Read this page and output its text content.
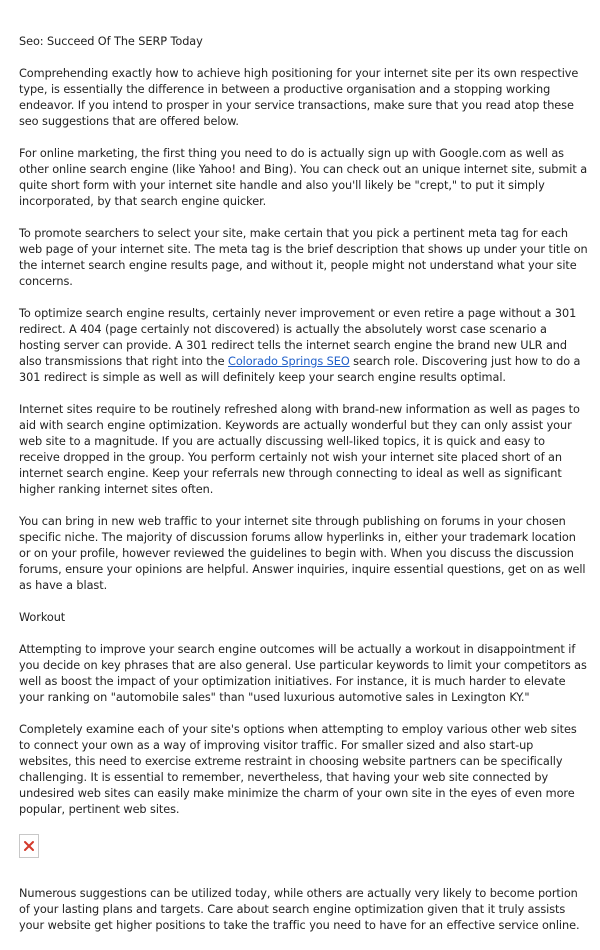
Seo: Succeed Of The SERP Today

Comprehending exactly how to achieve high positioning for your internet site per its own respective type, is essentially the difference in between a productive organisation and a stopping working endeavor. If you intend to prosper in your service transactions, make sure that you read atop these seo suggestions that are offered below.

For online marketing, the first thing you need to do is actually sign up with Google.com as well as other online search engine (like Yahoo! and Bing). You can check out an unique internet site, submit a quite short form with your internet site handle and also you'll likely be "crept," to put it simply incorporated, by that search engine quicker.

To promote searchers to select your site, make certain that you pick a pertinent meta tag for each web page of your internet site. The meta tag is the brief description that shows up under your title on the internet search engine results page, and without it, people might not understand what your site concerns.

To optimize search engine results, certainly never improvement or even retire a page without a 301 redirect. A 404 (page certainly not discovered) is actually the absolutely worst case scenario a hosting server can provide. A 301 redirect tells the internet search engine the brand new ULR and also transmissions that right into the Colorado Springs SEO search role. Discovering just how to do a 301 redirect is simple as well as will definitely keep your search engine results optimal.

Internet sites require to be routinely refreshed along with brand-new information as well as pages to aid with search engine optimization. Keywords are actually wonderful but they can only assist your web site to a magnitude. If you are actually discussing well-liked topics, it is quick and easy to receive dropped in the group. You perform certainly not wish your internet site placed short of an internet search engine. Keep your referrals new through connecting to ideal as well as significant higher ranking internet sites often.

You can bring in new web traffic to your internet site through publishing on forums in your chosen specific niche. The majority of discussion forums allow hyperlinks in, either your trademark location or on your profile, however reviewed the guidelines to begin with. When you discuss the discussion forums, ensure your opinions are helpful. Answer inquiries, inquire essential questions, get on as well as have a blast.

Workout

Attempting to improve your search engine outcomes will be actually a workout in disappointment if you decide on key phrases that are also general. Use particular keywords to limit your competitors as well as boost the impact of your optimization initiatives. For instance, it is much harder to elevate your ranking on "automobile sales" than "used luxurious automotive sales in Lexington KY."

Completely examine each of your site's options when attempting to employ various other web sites to connect your own as a way of improving visitor traffic. For smaller sized and also start-up websites, this need to exercise extreme restraint in choosing website partners can be specifically challenging. It is essential to remember, nevertheless, that having your web site connected by undesired web sites can easily make minimize the charm of your own site in the eyes of even more popular, pertinent web sites.

Numerous suggestions can be utilized today, while others are actually very likely to become portion of your lasting plans and targets. Care about search engine optimization given that it truly assists your website get higher positions to take the traffic you need to have for an effective service online.
